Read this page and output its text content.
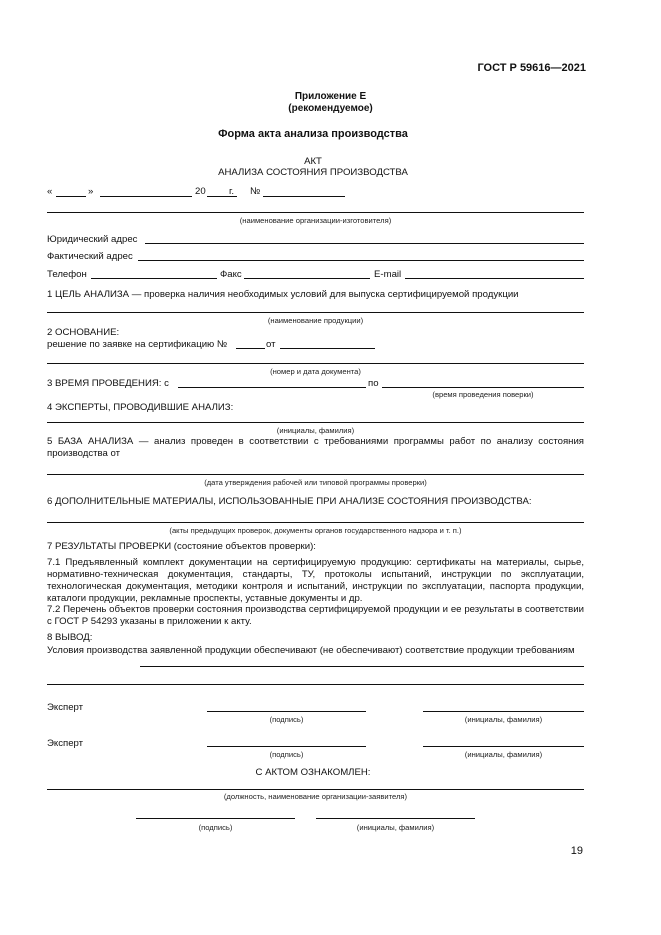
ГОСТ Р 59616—2021
Приложение Е
(рекомендуемое)
Форма акта анализа производства
АКТ
АНАЛИЗА СОСТОЯНИЯ ПРОИЗВОДСТВА
«	»	20 г. №
(наименование организации-изготовителя)
Юридический адрес
Фактический адрес
Телефон	Факс	E-mail
1 ЦЕЛЬ АНАЛИЗА — проверка наличия необходимых условий для выпуска сертифицируемой продукции
(наименование продукции)
2 ОСНОВАНИЕ:
решение по заявке на сертификацию №	от
(номер и дата документа)
3 ВРЕМЯ ПРОВЕДЕНИЯ: с	по
(время проведения поверки)
4 ЭКСПЕРТЫ, ПРОВОДИВШИЕ АНАЛИЗ:
(инициалы, фамилия)
5 БАЗА АНАЛИЗА — анализ проведен в соответствии с требованиями программы работ по анализу состояния производства от
(дата утверждения рабочей или типовой программы проверки)
6 ДОПОЛНИТЕЛЬНЫЕ МАТЕРИАЛЫ, ИСПОЛЬЗОВАННЫЕ ПРИ АНАЛИЗЕ СОСТОЯНИЯ ПРОИЗВОДСТВА:
(акты предыдущих проверок, документы органов государственного надзора и т. п.)
7 РЕЗУЛЬТАТЫ ПРОВЕРКИ (состояние объектов проверки):
7.1 Предъявленный комплект документации на сертифицируемую продукцию: сертификаты на материалы, сырье, нормативно-техническая документация, стандарты, ТУ, протоколы испытаний, инструкции по эксплуатации, технологическая документация, методики контроля и испытаний, инструкции по эксплуатации, паспорта продукции, каталоги продукции, рекламные проспекты, уставные документы и др.
7.2 Перечень объектов проверки состояния производства сертифицируемой продукции и ее результаты в соответствии с ГОСТ Р 54293 указаны в приложении к акту.
8 ВЫВОД:
Условия производства заявленной продукции обеспечивают (не обеспечивают) соответствие продукции требованиям
Эксперт
(подпись)	(инициалы, фамилия)
Эксперт
(подпись)	(инициалы, фамилия)
С АКТОМ ОЗНАКОМЛЕН:
(должность, наименование организации-заявителя)
(подпись)	(инициалы, фамилия)
19
